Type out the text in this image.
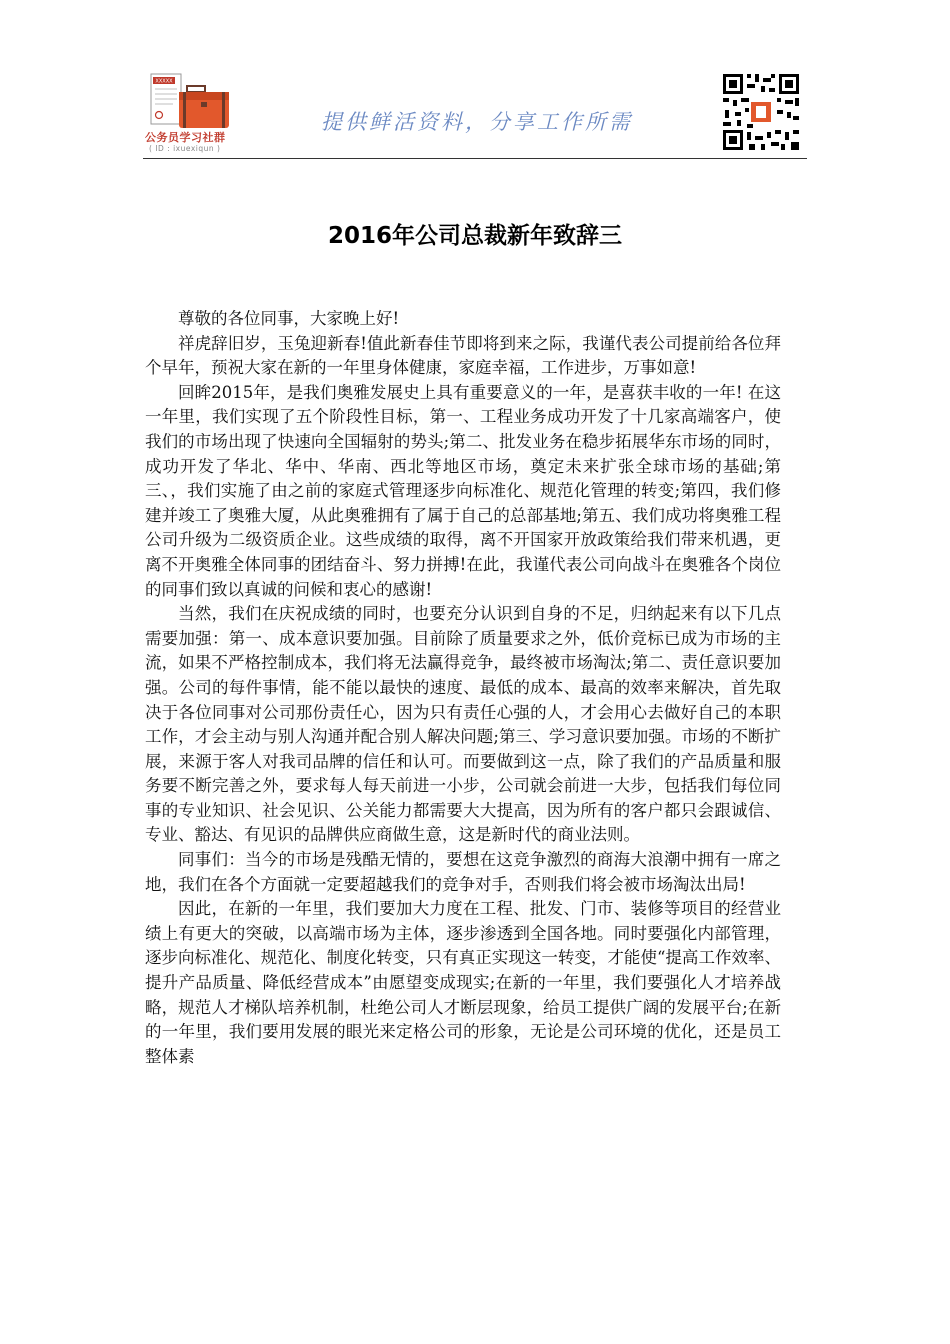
XXXXX
公务员学习社群
( ID : ixuexiqun )
提供鲜活资料，分享工作所需
2016年公司总裁新年致辞三

尊敬的各位同事，大家晚上好!

祥虎辞旧岁，玉兔迎新春!值此新春佳节即将到来之际，我谨代表公司提前给各位拜个早年，预祝大家在新的一年里身体健康，家庭幸福，工作进步，万事如意!

回眸2015年，是我们奥雅发展史上具有重要意义的一年，是喜获丰收的一年! 在这一年里，我们实现了五个阶段性目标，第一、工程业务成功开发了十几家高端客户，使我们的市场出现了快速向全国辐射的势头;第二、批发业务在稳步拓展华东市场的同时，成功开发了华北、华中、华南、西北等地区市场，奠定未来扩张全球市场的基础;第三、，我们实施了由之前的家庭式管理逐步向标准化、规范化管理的转变;第四，我们修建并竣工了奥雅大厦，从此奥雅拥有了属于自己的总部基地;第五、我们成功将奥雅工程公司升级为二级资质企业。这些成绩的取得，离不开国家开放政策给我们带来机遇，更离不开奥雅全体同事的团结奋斗、努力拼搏!在此，我谨代表公司向战斗在奥雅各个岗位的同事们致以真诚的问候和衷心的感谢!

当然，我们在庆祝成绩的同时，也要充分认识到自身的不足，归纳起来有以下几点需要加强：第一、成本意识要加强。目前除了质量要求之外，低价竞标已成为市场的主流，如果不严格控制成本，我们将无法赢得竞争，最终被市场淘汰;第二、责任意识要加强。公司的每件事情，能不能以最快的速度、最低的成本、最高的效率来解决，首先取决于各位同事对公司那份责任心，因为只有责任心强的人，才会用心去做好自己的本职工作，才会主动与别人沟通并配合别人解决问题;第三、学习意识要加强。市场的不断扩展，来源于客人对我司品牌的信任和认可。而要做到这一点，除了我们的产品质量和服务要不断完善之外，要求每人每天前进一小步，公司就会前进一大步，包括我们每位同事的专业知识、社会见识、公关能力都需要大大提高，因为所有的客户都只会跟诚信、专业、豁达、有见识的品牌供应商做生意，这是新时代的商业法则。

同事们：当今的市场是残酷无情的，要想在这竞争激烈的商海大浪潮中拥有一席之地，我们在各个方面就一定要超越我们的竞争对手，否则我们将会被市场淘汰出局!

因此，在新的一年里，我们要加大力度在工程、批发、门市、装修等项目的经营业绩上有更大的突破，以高端市场为主体，逐步渗透到全国各地。同时要强化内部管理，逐步向标准化、规范化、制度化转变，只有真正实现这一转变，才能使“提高工作效率、提升产品质量、降低经营成本”由愿望变成现实;在新的一年里，我们要强化人才培养战略，规范人才梯队培养机制，杜绝公司人才断层现象，给员工提供广阔的发展平台;在新的一年里，我们要用发展的眼光来定格公司的形象，无论是公司环境的优化，还是员工整体素
